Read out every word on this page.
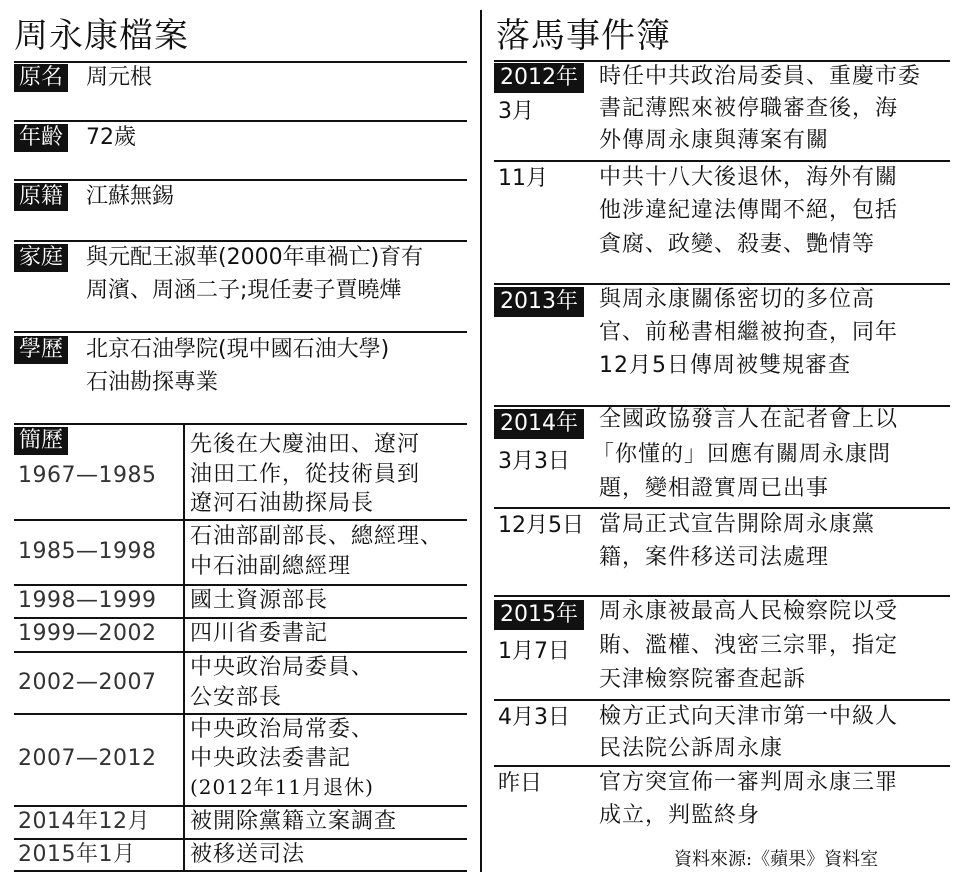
周永康檔案
原名 周元根
年齡 72歲
原籍 江蘇無錫
家庭 與元配王淑華(2000年車禍亡)育有
周濱、周涵二子;現任妻子賈曉燁
學歷 北京石油學院(現中國石油大學)
石油勘探專業
簡歷
1967—1985
先後在大慶油田、遼河
油田工作，從技術員到
遼河石油勘探局長
1985—1998
石油部副部長、總經理、
中石油副總經理
1998—1999 國土資源部長
1999—2002 四川省委書記
2002—2007
中央政治局委員、
公安部長
2007—2012
中央政治局常委、
中央政法委書記
(2012年11月退休)
2014年12月 被開除黨籍立案調查
2015年1月 被移送司法
落馬事件簿
2012年
3月
時任中共政治局委員、重慶市委
書記薄熙來被停職審查後，海
外傳周永康與薄案有關
11月 中共十八大後退休，海外有關
他涉違紀違法傳聞不絕，包括
貪腐、政變、殺妻、艷情等
2013年 與周永康關係密切的多位高
官、前秘書相繼被拘查，同年
12月5日傳周被雙規審查
2014年
3月3日
全國政協發言人在記者會上以
「你懂的」回應有關周永康問
題，變相證實周已出事
12月5日 當局正式宣告開除周永康黨
籍，案件移送司法處理
2015年
1月7日
周永康被最高人民檢察院以受
賄、濫權、洩密三宗罪，指定
天津檢察院審查起訴
4月3日 檢方正式向天津市第一中級人
民法院公訴周永康
昨日	官方突宣佈一審判周永康三罪
成立，判監終身
資料來源:《蘋果》資料室
